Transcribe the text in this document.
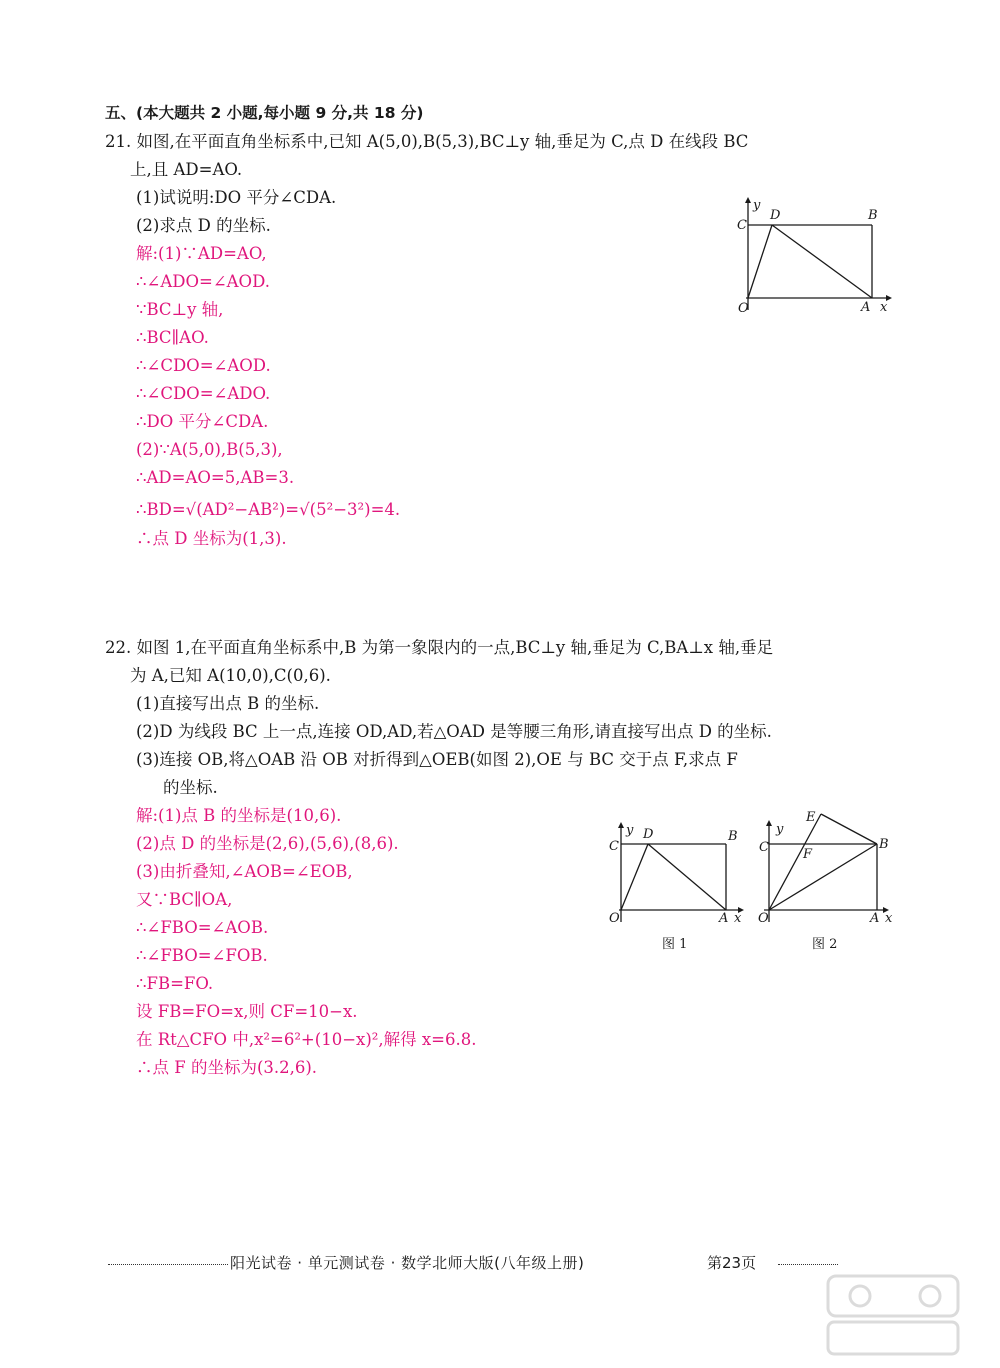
五、(本大题共 2 小题,每小题 9 分,共 18 分)
21. 如图,在平面直角坐标系中,已知 A(5,0),B(5,3),BC⊥y 轴,垂足为 C,点 D 在线段 BC
上,且 AD=AO.
(1)试说明:DO 平分∠CDA.
(2)求点 D 的坐标.
解:(1)∵AD=AO,
∴∠ADO=∠AOD.
∵BC⊥y 轴,
∴BC∥AO.
∴∠CDO=∠AOD.
∴∠CDO=∠ADO.
∴DO 平分∠CDA.
(2)∵A(5,0),B(5,3),
∴AD=AO=5,AB=3.
∴BD=√(AD²−AB²)=√(5²−3²)=4.
∴点 D 坐标为(1,3).
y
C
D	B
O	A x
22. 如图 1,在平面直角坐标系中,B 为第一象限内的一点,BC⊥y 轴,垂足为 C,BA⊥x 轴,垂足
为 A,已知 A(10,0),C(0,6).
(1)直接写出点 B 的坐标.
(2)D 为线段 BC 上一点,连接 OD,AD,若△OAD 是等腰三角形,请直接写出点 D 的坐标.
(3)连接 OB,将△OAB 沿 OB 对折得到△OEB(如图 2),OE 与 BC 交于点 F,求点 F
的坐标.
解:(1)点 B 的坐标是(10,6).
(2)点 D 的坐标是(2,6),(5,6),(8,6).
(3)由折叠知,∠AOB=∠EOB,
又∵BC∥OA,
∴∠FBO=∠AOB.
∴∠FBO=∠FOB.
∴FB=FO.
设 FB=FO=x,则 CF=10−x.
在 Rt△CFO 中,x²=6²+(10−x)²,解得 x=6.8.
∴点 F 的坐标为(3.2,6).
y
C
D	B
O	A x
图 1
y
E
C	F
B
O	A x
图 2
阳光试卷 · 单元测试卷 · 数学北师大版(八年级上册)	第23页
